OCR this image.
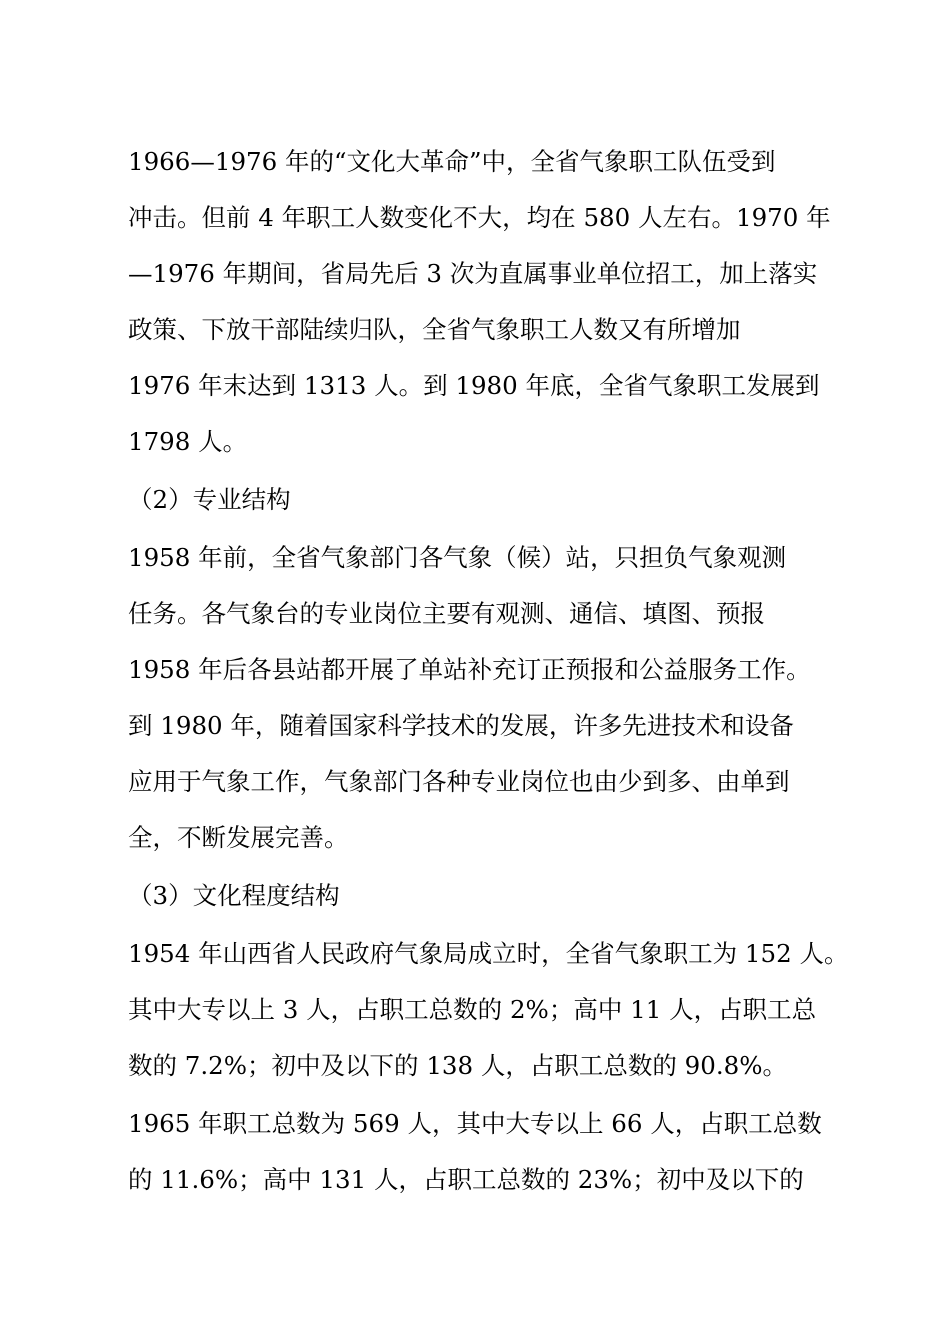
1966—1976 年的“文化大革命”中，全省气象职工队伍受到
冲击。但前 4 年职工人数变化不大，均在 580 人左右。1970 年
—1976 年期间，省局先后 3 次为直属事业单位招工，加上落实
政策、下放干部陆续归队，全省气象职工人数又有所增加
1976 年末达到 1313 人。到 1980 年底，全省气象职工发展到
1798 人。
（2）专业结构
1958 年前，全省气象部门各气象（候）站，只担负气象观测
任务。各气象台的专业岗位主要有观测、通信、填图、预报
1958 年后各县站都开展了单站补充订正预报和公益服务工作。
到 1980 年，随着国家科学技术的发展，许多先进技术和设备
应用于气象工作，气象部门各种专业岗位也由少到多、由单到
全，不断发展完善。
（3）文化程度结构
1954 年山西省人民政府气象局成立时，全省气象职工为 152 人。
其中大专以上 3 人，占职工总数的 2%；高中 11 人，占职工总
数的 7.2%；初中及以下的 138 人，占职工总数的 90.8%。
1965 年职工总数为 569 人，其中大专以上 66 人，占职工总数
的 11.6%；高中 131 人，占职工总数的 23%；初中及以下的
